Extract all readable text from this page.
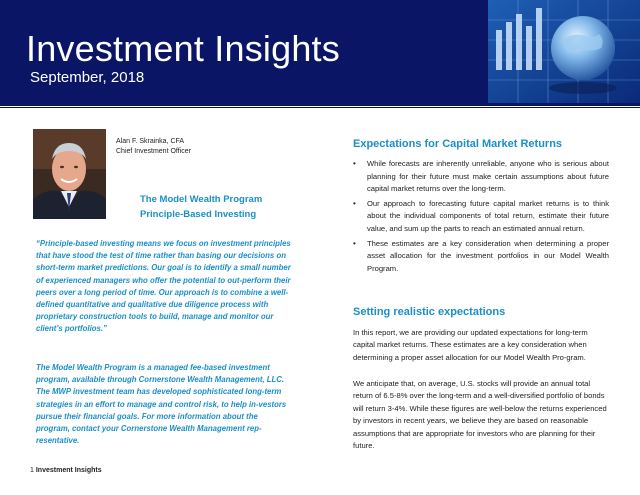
Investment Insights
September, 2018
Alan F. Skrainka, CFA
Chief Investment Officer
The Model Wealth Program
Principle-Based Investing

“Principle-based investing means we focus on investment principles that have stood the test of time rather than basing our decisions on short-term market predictions. Our goal is to identify a small number of experienced managers who offer the potential to out-perform their peers over a long period of time. Our approach is to combine a well-defined quantitative and qualitative due diligence process with proprietary construction tools to build, manage and monitor our client’s portfolios.”

The Model Wealth Program is a managed fee-based investment program, available through Cornerstone Wealth Management, LLC. The MWP investment team has developed sophisticated long-term strategies in an effort to manage and control risk, to help in-vestors pursue their financial goals. For more information about the program, contact your Cornerstone Wealth Management rep-resentative.

1 Investment Insights
Expectations for Capital Market Returns
• While forecasts are inherently unreliable, anyone who is serious about planning for their future must make certain assumptions about future capital market returns over the long-term.
• Our approach to forecasting future capital market returns is to think about the individual components of total return, estimate their future value, and sum up the parts to reach an estimated annual return.
• These estimates are a key consideration when determining a proper asset allocation for the investment portfolios in our Model Wealth Program.
Setting realistic expectations

In this report, we are providing our updated expectations for long-term capital market returns. These estimates are a key consideration when determining a proper asset allocation for our Model Wealth Pro-gram.

We anticipate that, on average, U.S. stocks will provide an annual total return of 6.5-8% over the long-term and a well-diversified portfolio of bonds will return 3-4%. While these figures are well-below the returns experienced by investors in recent years, we believe they are based on reasonable assumptions that are appropriate for investors who are planning for their future.
